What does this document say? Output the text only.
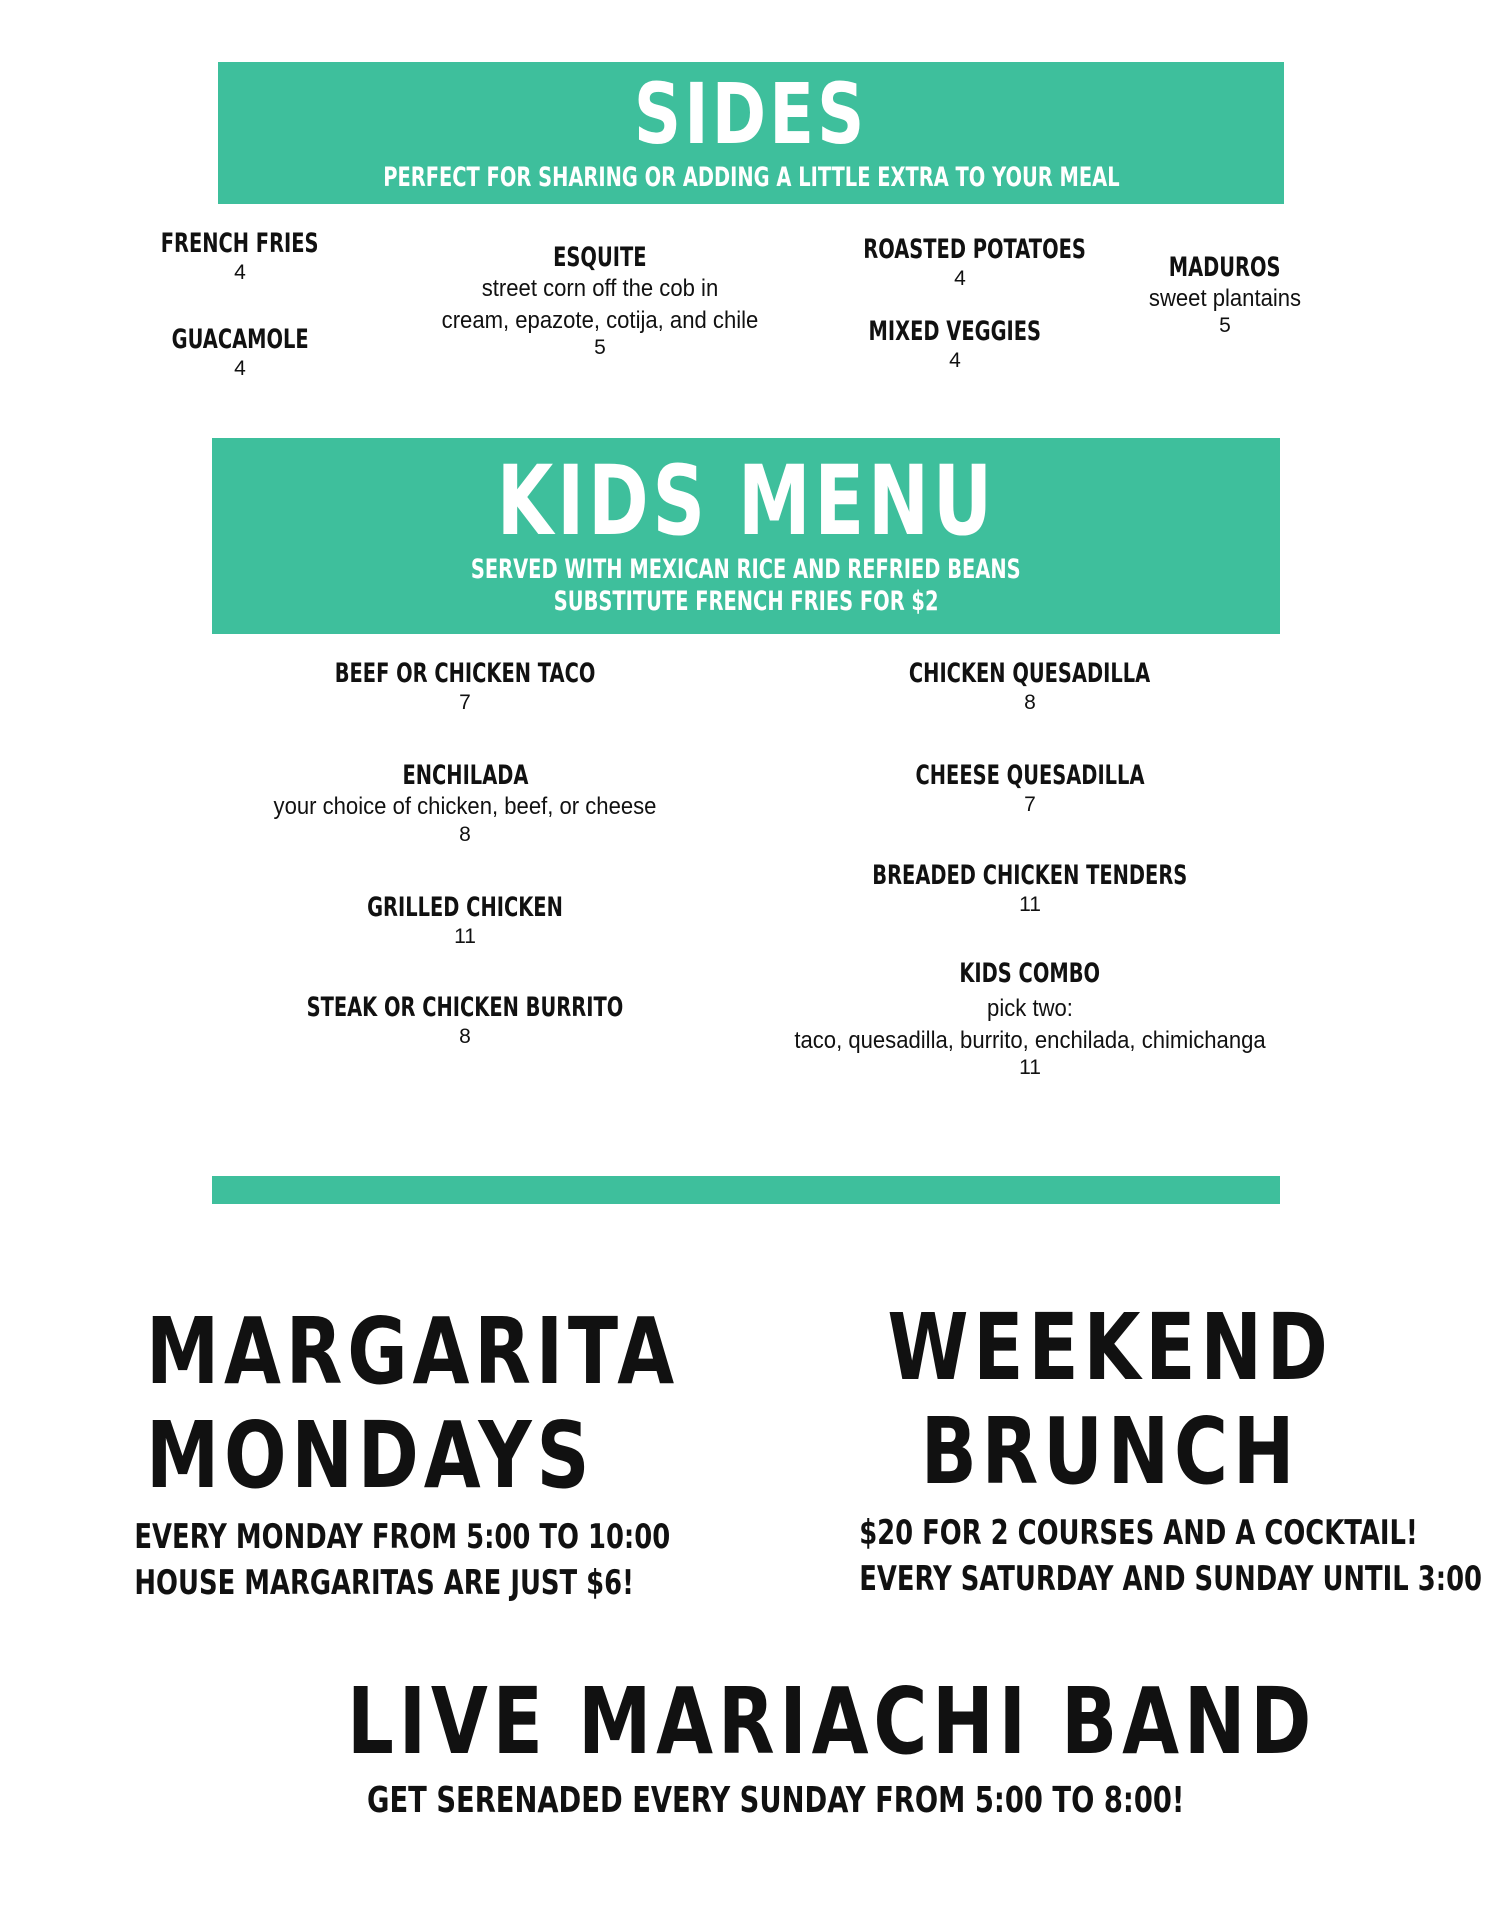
SIDES
PERFECT FOR SHARING OR ADDING A LITTLE EXTRA TO YOUR MEAL
FRENCH FRIES
4
GUACAMOLE
4
ESQUITE
street corn off the cob in
cream, epazote, cotija, and chile
5
ROASTED POTATOES
4
MIXED VEGGIES
4
MADUROS
sweet plantains
5
KIDS MENU
SERVED WITH MEXICAN RICE AND REFRIED BEANS
SUBSTITUTE FRENCH FRIES FOR $2
BEEF OR CHICKEN TACO
7
ENCHILADA
your choice of chicken, beef, or cheese
8
GRILLED CHICKEN
11
STEAK OR CHICKEN BURRITO
8
CHICKEN QUESADILLA
8
CHEESE QUESADILLA
7
BREADED CHICKEN TENDERS
11
KIDS COMBO
pick two:
taco, quesadilla, burrito, enchilada, chimichanga
11
MARGARITA
MONDAYS
EVERY MONDAY FROM 5:00 TO 10:00
HOUSE MARGARITAS ARE JUST $6!
WEEKEND
BRUNCH
$20 FOR 2 COURSES AND A COCKTAIL!
EVERY SATURDAY AND SUNDAY UNTIL 3:00
LIVE MARIACHI BAND
GET SERENADED EVERY SUNDAY FROM 5:00 TO 8:00!
